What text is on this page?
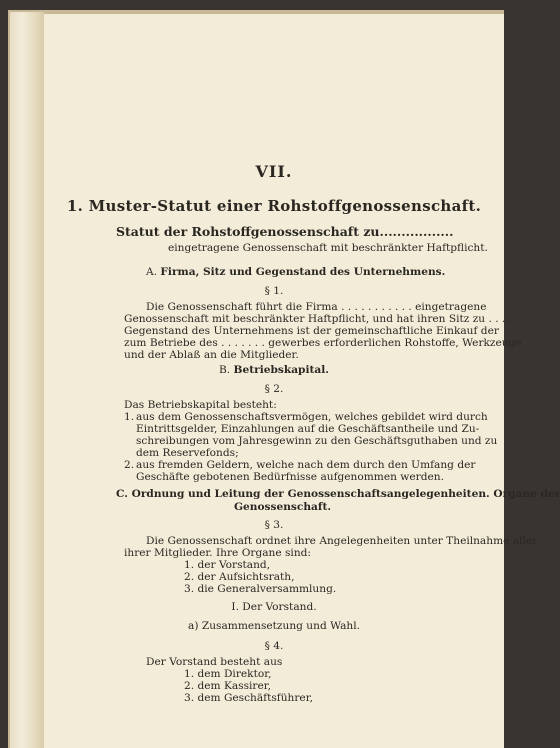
VII.
1. Muster-Statut einer Rohstoffgenossenschaft.
Statut der Rohstoffgenossenschaft zu.................
eingetragene Genossenschaft mit beschränkter Haftpflicht.
A. Firma, Sitz und Gegenstand des Unternehmens.
§ 1.
Die Genossenschaft führt die Firma . . . . . . . . . . . eingetragene
Genossenschaft mit beschränkter Haftpflicht, und hat ihren Sitz zu . . . .
Gegenstand des Unternehmens ist der gemeinschaftliche Einkauf der
zum Betriebe des . . . . . . . gewerbes erforderlichen Rohstoffe, Werkzeuge
und der Ablaß an die Mitglieder.
B. Betriebskapital.
§ 2.
Das Betriebskapital besteht:
1. aus dem Genossenschaftsvermögen, welches gebildet wird durch
Eintrittsgelder, Einzahlungen auf die Geschäftsantheile und Zu-
schreibungen vom Jahresgewinn zu den Geschäftsguthaben und zu
dem Reservefonds;
2. aus fremden Geldern, welche nach dem durch den Umfang der
Geschäfte gebotenen Bedürfnisse aufgenommen werden.
C. Ordnung und Leitung der Genossenschaftsangelegenheiten. Organe der
Genossenschaft.
§ 3.
Die Genossenschaft ordnet ihre Angelegenheiten unter Theilnahme aller
ihrer Mitglieder. Ihre Organe sind:
1. der Vorstand,
2. der Aufsichtsrath,
3. die Generalversammlung.
I. Der Vorstand.
a) Zusammensetzung und Wahl.
§ 4.
Der Vorstand besteht aus
1. dem Direktor,
2. dem Kassirer,
3. dem Geschäftsführer,
